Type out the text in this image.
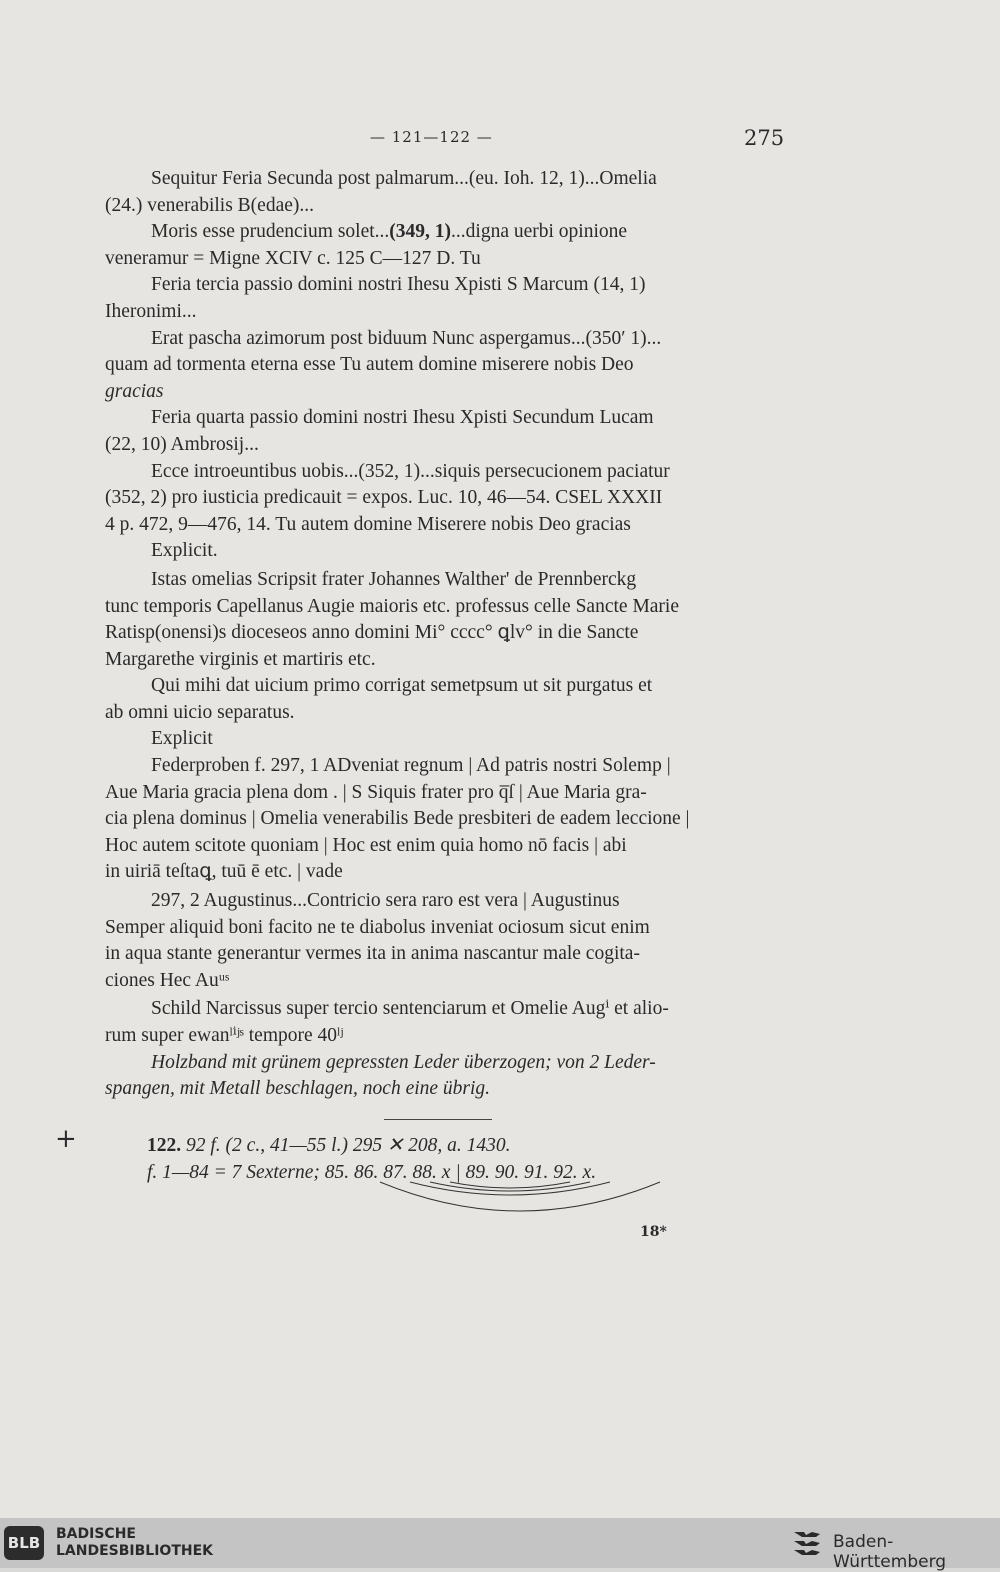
— 121—122 —	275

Sequitur Feria Secunda post palmarum...(eu. Ioh. 12, 1)...Omelia
(24.) venerabilis B(edae)...

Moris esse prudencium solet...(349, 1)...digna uerbi opinione
veneramur = Migne XCIV c. 125 C—127 D. Tu

Feria tercia passio domini nostri Ihesu Xpisti S Marcum (14, 1)
Iheronimi...

Erat pascha azimorum post biduum Nunc aspergamus...(350′ 1)...
quam ad tormenta eterna esse Tu autem domine miserere nobis Deo
gracias

Feria quarta passio domini nostri Ihesu Xpisti Secundum Lucam
(22, 10) Ambrosij...

Ecce introeuntibus uobis...(352, 1)...siquis persecucionem paciatur
(352, 2) pro iusticia predicauit = expos. Luc. 10, 46—54. CSEL XXXII
4 p. 472, 9—476, 14. Tu autem domine Miserere nobis Deo gracias

Explicit.

Istas omelias Scripsit frater Johannes Walther' de Prennberckg
tunc temporis Capellanus Augie maioris etc. professus celle Sancte Marie
Ratisp(onensi)s dioceseos anno domini Mi° cccc° ꝗlv° in die Sancte
Margarethe virginis et martiris etc.

Qui mihi dat uicium primo corrigat semetpsum ut sit purgatus et
ab omni uicio separatus.

Explicit

Federproben f. 297, 1 ADveniat regnum | Ad patris nostri Solemp |
Aue Maria gracia plena dom . | S Siquis frater pro q̅ſ | Aue Maria gra-
cia plena dominus | Omelia venerabilis Bede presbiteri de eadem leccione |
Hoc autem scitote quoniam | Hoc est enim quia homo nō facis | abi
in uiriā teſtaꝗ, tuū ē etc. | vade

297, 2 Augustinus...Contricio sera raro est vera | Augustinus
Semper aliquid boni facito ne te diabolus inveniat ociosum sicut enim
in aqua stante generantur vermes ita in anima nascantur male cogita-
ciones Hec Auᵘˢ

Schild Narcissus super tercio sentenciarum et Omelie Augⁱ et alio-
rum super ewanˡⁱʲˢ tempore 40ˡʲ

Holzband mit grünem gepressten Leder überzogen; von 2 Leder-
spangen, mit Metall beschlagen, noch eine übrig.

+	122. 92 f. (2 c., 41—55 l.) 295 ✕ 208, a. 1430.
f. 1—84 = 7 Sexterne; 85. 86. 87. 88. x | 89. 90. 91. 92. x.
18*
BLB BADISCHE
LANDESBIBLIOTHEK	Baden-Württemberg
